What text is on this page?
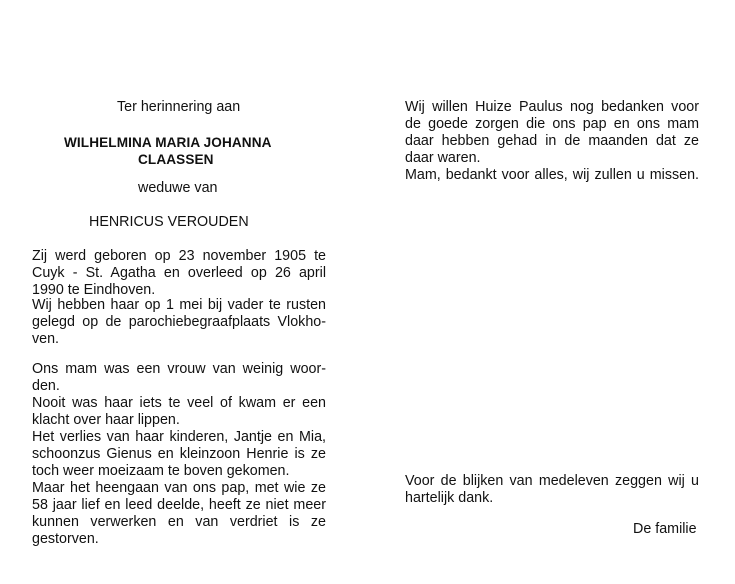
Ter herinnering aan
WILHELMINA MARIA JOHANNA
CLAASSEN
weduwe van
HENRICUS VEROUDEN
Zij werd geboren op 23 november 1905 te
Cuyk - St. Agatha en overleed op 26 april
1990 te Eindhoven.
Wij hebben haar op 1 mei bij vader te rusten
gelegd op de parochiebegraafplaats Vlokho-
ven.
Ons mam was een vrouw van weinig woor-
den.
Nooit was haar iets te veel of kwam er een
klacht over haar lippen.
Het verlies van haar kinderen, Jantje en Mia,
schoonzus Gienus en kleinzoon Henrie is ze
toch weer moeizaam te boven gekomen.
Maar het heengaan van ons pap, met wie ze
58 jaar lief en leed deelde, heeft ze niet meer
kunnen verwerken en van verdriet is ze
gestorven.
Wij willen Huize Paulus nog bedanken voor
de goede zorgen die ons pap en ons mam
daar hebben gehad in de maanden dat ze
daar waren.
Mam, bedankt voor alles, wij zullen u missen.
Voor de blijken van medeleven zeggen wij u
hartelijk dank.
De familie
